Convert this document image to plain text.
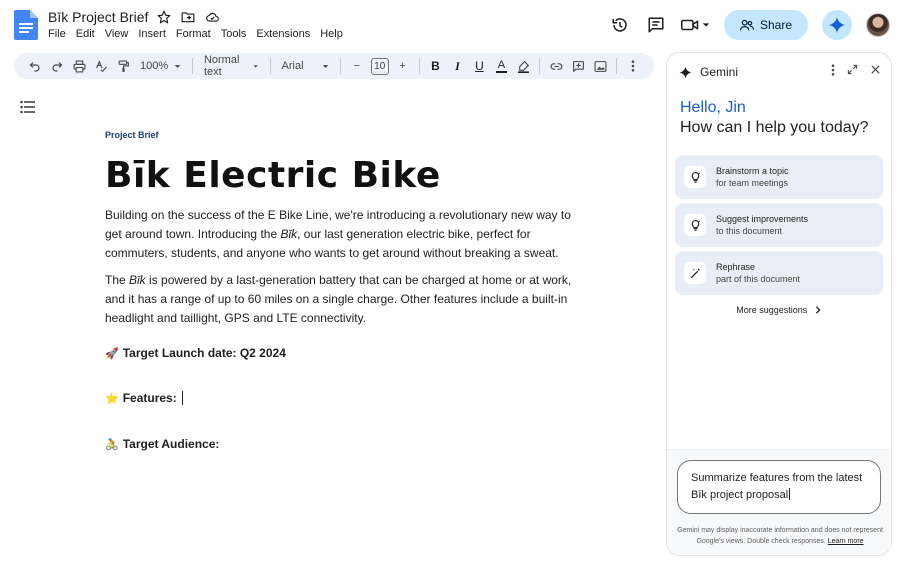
Bīk Project Brief
File Edit View Insert Format Tools Extensions Help
Share
100%	Normal text	Arial	−	10	+	B I U A
Project Brief
Bīk Electric Bike

Building on the success of the E Bike Line, we're introducing a revolutionary new way to get around town. Introducing the Bīk, our last generation electric bike, perfect for commuters, students, and anyone who wants to get around without breaking a sweat.

The Bīk is powered by a last-generation battery that can be charged at home or at work, and it has a range of up to 60 miles on a single charge. Other features include a built-in headlight and taillight, GPS and LTE connectivity.

🚀 Target Launch date: Q2 2024
⭐ Features:
🚴 Target Audience:
Gemini
Hello, Jin
How can I help you today?
Brainstorm a topic
for team meetings
Suggest improvements
to this document
Rephrase
part of this document
More suggestions
Summarize features from the latest Bīk project proposal
Gemini may display inaccurate information and does not represent Google's views. Double check responses. Learn more
